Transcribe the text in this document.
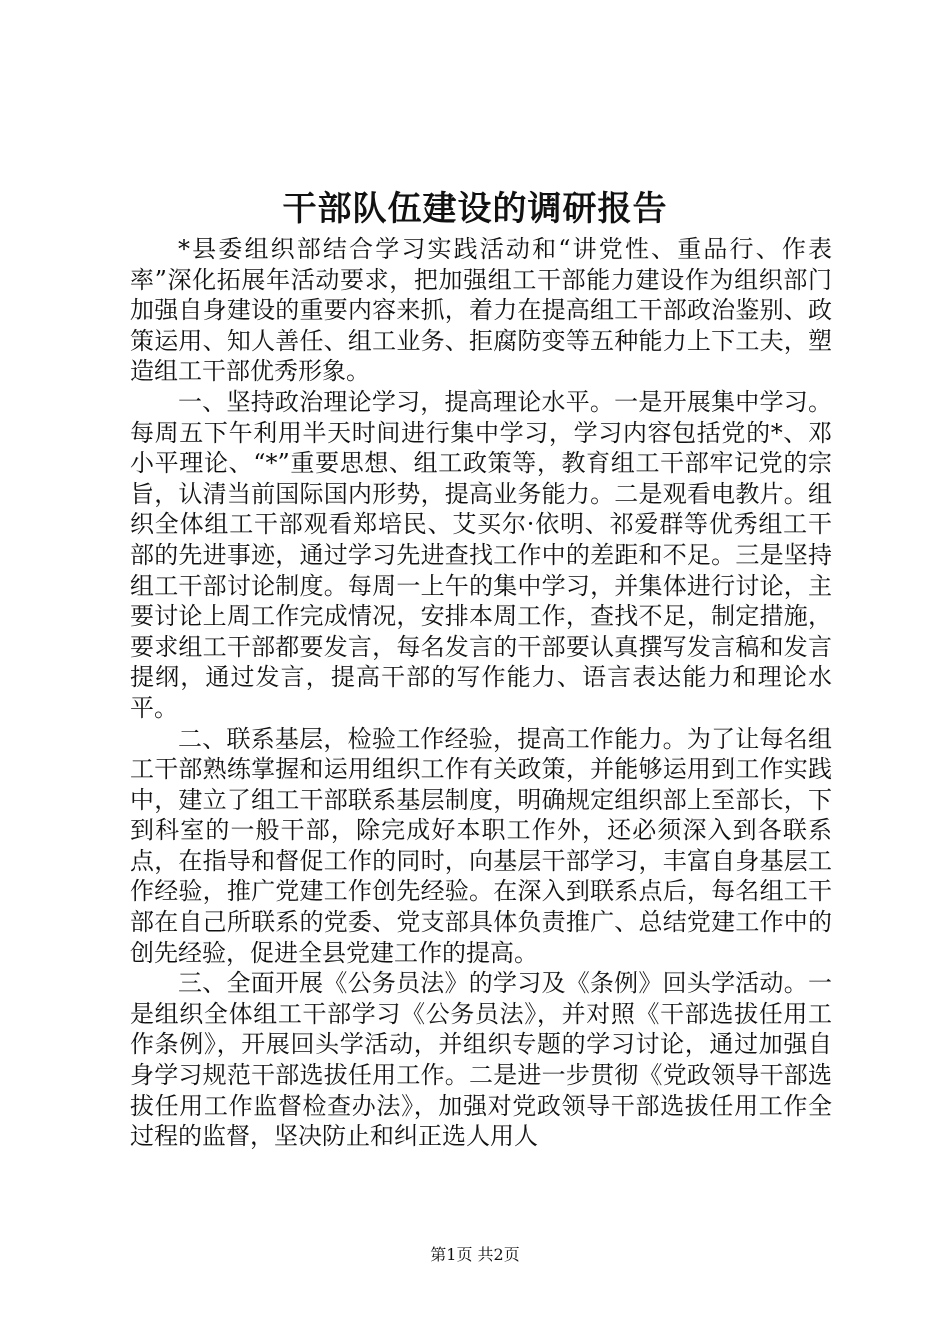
干部队伍建设的调研报告

*县委组织部结合学习实践活动和“讲党性、重品行、作表率”深化拓展年活动要求，把加强组工干部能力建设作为组织部门加强自身建设的重要内容来抓，着力在提高组工干部政治鉴别、政策运用、知人善任、组工业务、拒腐防变等五种能力上下工夫，塑造组工干部优秀形象。

一、坚持政治理论学习，提高理论水平。一是开展集中学习。每周五下午利用半天时间进行集中学习，学习内容包括党的*、邓小平理论、“*”重要思想、组工政策等，教育组工干部牢记党的宗旨，认清当前国际国内形势，提高业务能力。二是观看电教片。组织全体组工干部观看郑培民、艾买尔·依明、祁爱群等优秀组工干部的先进事迹，通过学习先进查找工作中的差距和不足。三是坚持组工干部讨论制度。每周一上午的集中学习，并集体进行讨论，主要讨论上周工作完成情况，安排本周工作，查找不足，制定措施，要求组工干部都要发言，每名发言的干部要认真撰写发言稿和发言提纲，通过发言，提高干部的写作能力、语言表达能力和理论水平。

二、联系基层，检验工作经验，提高工作能力。为了让每名组工干部熟练掌握和运用组织工作有关政策，并能够运用到工作实践中，建立了组工干部联系基层制度，明确规定组织部上至部长，下到科室的一般干部，除完成好本职工作外，还必须深入到各联系点，在指导和督促工作的同时，向基层干部学习，丰富自身基层工作经验，推广党建工作创先经验。在深入到联系点后，每名组工干部在自己所联系的党委、党支部具体负责推广、总结党建工作中的创先经验，促进全县党建工作的提高。

三、全面开展《公务员法》的学习及《条例》回头学活动。一是组织全体组工干部学习《公务员法》，并对照《干部选拔任用工作条例》，开展回头学活动，并组织专题的学习讨论，通过加强自身学习规范干部选拔任用工作。二是进一步贯彻《党政领导干部选拔任用工作监督检查办法》，加强对党政领导干部选拔任用工作全过程的监督，坚决防止和纠正选人用人

第1页 共2页
